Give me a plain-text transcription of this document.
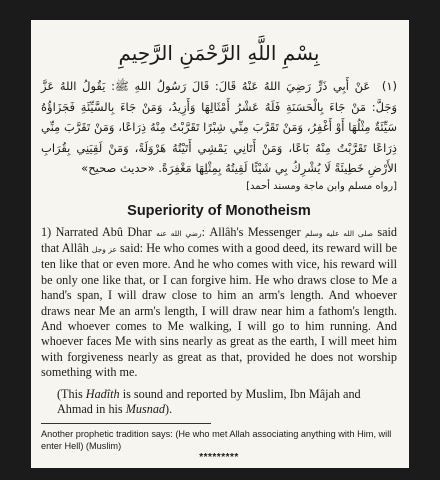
بِسْمِ اللَّهِ الرَّحْمَنِ الرَّحِيمِ

(١) عَنْ أَبِي ذَرٍّ رَضِيَ اللهُ عَنْهُ قَالَ: قَالَ رَسُولُ اللهِ ﷺ: يَقُولُ اللهُ عَزَّ وَجَلَّ: مَنْ جَاءَ بِالْحَسَنَةِ فَلَهُ عَشْرُ أَمْثَالِهَا وَأَزِيدُ، وَمَنْ جَاءَ بِالسَّيِّئَةِ فَجَزَاؤُهُ سَيِّئَةٌ مِثْلُهَا أَوْ أَغْفِرُ، وَمَنْ تَقَرَّبَ مِنِّي شِبْرًا تَقَرَّبْتُ مِنْهُ ذِرَاعًا، وَمَنْ تَقَرَّبَ مِنِّي ذِرَاعًا تَقَرَّبْتُ مِنْهُ بَاعًا، وَمَنْ أَتَانِي يَمْشِي أَتَيْتُهُ هَرْوَلَةً، وَمَنْ لَقِيَنِي بِقُرَابِ الأَرْضِ خَطِيئَةً لَا يُشْرِكُ بِي شَيْئًا لَقِيتُهُ بِمِثْلِهَا مَغْفِرَةً. «حديث صحيح»

[رواه مسلم وابن ماجة ومسند أحمد]
Superiority of Monotheism

1) Narrated Abû Dhar رضي الله عنه: Allâh's Messenger صلى الله عليه وسلم said that Allâh عز وجل said: He who comes with a good deed, its reward will be ten like that or even more. And he who comes with vice, his reward will be only one like that, or I can forgive him. He who draws close to Me a hand's span, I will draw close to him an arm's length. And whoever draws near Me an arm's length, I will draw near him a fathom's length. And whoever comes to Me walking, I will go to him running. And whoever faces Me with sins nearly as great as the earth, I will meet him with forgiveness nearly as great as that, provided he does not worship something with me.

(This Hadîth is sound and reported by Muslim, Ibn Mâjah and Ahmad in his Musnad).

Another prophetic tradition says: (He who met Allah associating anything with Him, will enter Hell) (Muslim)

*********
